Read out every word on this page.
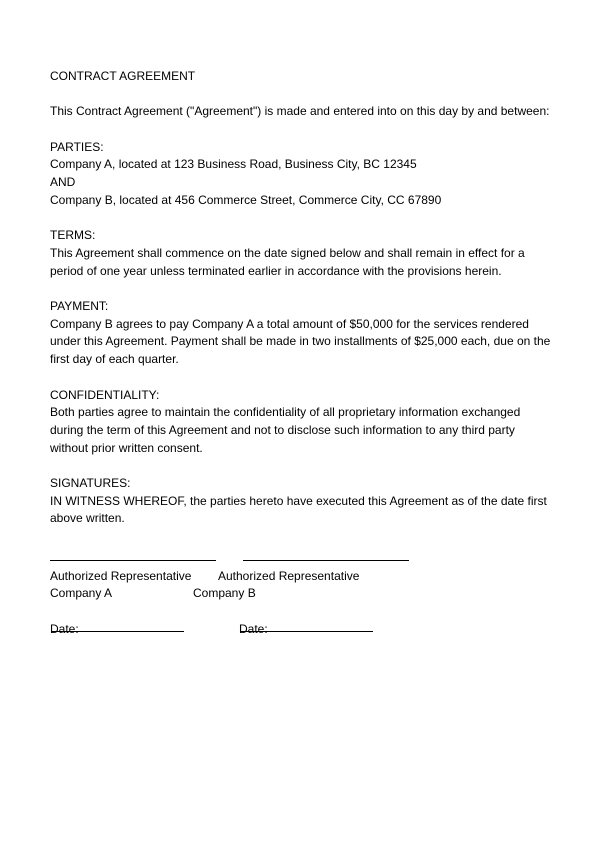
CONTRACT AGREEMENT
This Contract Agreement ("Agreement") is made and entered into on this day by and between:
PARTIES:
Company A, located at 123 Business Road, Business City, BC 12345
AND
Company B, located at 456 Commerce Street, Commerce City, CC 67890
TERMS:
This Agreement shall commence on the date signed below and shall remain in effect for a period of one year unless terminated earlier in accordance with the provisions herein.
PAYMENT:
Company B agrees to pay Company A a total amount of $50,000 for the services rendered under this Agreement. Payment shall be made in two installments of $25,000 each, due on the first day of each quarter.
CONFIDENTIALITY:
Both parties agree to maintain the confidentiality of all proprietary information exchanged during the term of this Agreement and not to disclose such information to any third party without prior written consent.
SIGNATURES:
IN WITNESS WHEREOF, the parties hereto have executed this Agreement as of the date first above written.
Authorized Representative Authorized Representative
Company A	Company B
Date:	Date:
